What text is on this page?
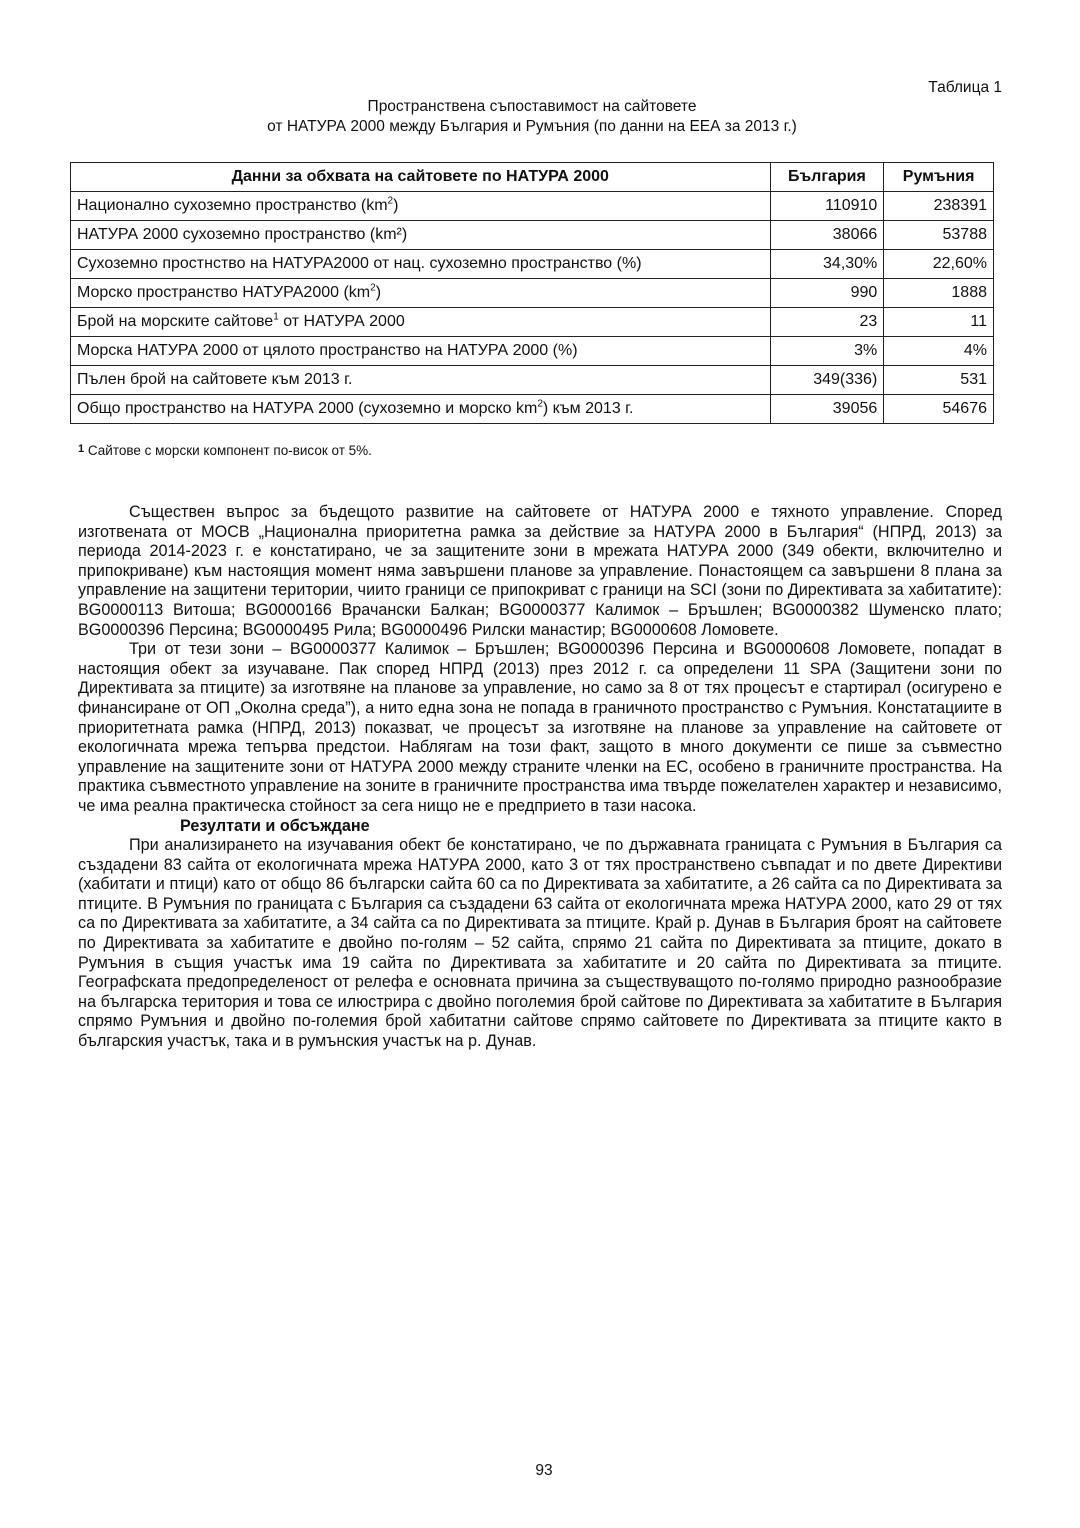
Таблица 1
Пространствена съпоставимост на сайтовете
от НАТУРА 2000 между България и Румъния (по данни на ЕЕА за 2013 г.)
Данни за обхвата на сайтовете по НАТУРА 2000	България	Румъния
Национално сухоземно пространство $(km^2)$	110910	238391
НАТУРА 2000 сухоземно пространство (km²)	38066	53788
Сухоземно простнство на НАТУРА2000 от нац. сухоземно пространство (%)	34,30%	22,60%
Морско пространство НАТУРА2000 $(km^2)$	990	1888
Брой на морските сайтове$^1$ от НАТУРА 2000	23	11
Морска НАТУРА 2000 от цялото пространство на НАТУРА 2000 (%)	3%	4%
Пълен брой на сайтовете към 2013 г.	349(336)	531
Общо пространство на НАТУРА 2000 (сухоземно и морско $km^2$) към 2013 г.	39056	54676
$^1$ Сайтове с морски компонент по-висок от 5%.

Съществен въпрос за бъдещото развитие на сайтовете от НАТУРА 2000 е тяхното управление. Според изготвената от МОСВ „Национална приоритетна рамка за действие за НАТУРА 2000 в България“ (НПРД, 2013) за периода 2014-2023 г. е констатирано, че за защитените зони в мрежата НАТУРА 2000 (349 обекти, включително и припокриване) към настоящия момент няма завършени планове за управление. Понастоящем са завършени 8 плана за управление на защитени територии, чиито граници се припокриват с граници на SCI (зони по Директивата за хабитатите): BG0000113 Витоша; BG0000166 Врачански Балкан; BG0000377 Калимок – Бръшлен; BG0000382 Шуменско плато; BG0000396 Персина; BG0000495 Рила; BG0000496 Рилски манастир; BG0000608 Ломовете.

Три от тези зони – BG0000377 Калимок – Бръшлен; BG0000396 Персина и BG0000608 Ломовете, попадат в настоящия обект за изучаване. Пак според НПРД (2013) през 2012 г. са определени 11 SPA (Защитени зони по Директивата за птиците) за изготвяне на планове за управление, но само за 8 от тях процесът е стартирал (осигурено е финансиране от ОП „Околна среда”), а нито една зона не попада в граничното пространство с Румъния. Констатациите в приоритетната рамка (НПРД, 2013) показват, че процесът за изготвяне на планове за управление на сайтовете от екологичната мрежа тепърва предстои. Наблягам на този факт, защото в много документи се пише за съвместно управление на защитените зони от НАТУРА 2000 между страните членки на ЕС, особено в граничните пространства. На практика съвместното управление на зоните в граничните пространства има твърде пожелателен характер и независимо, че има реална практическа стойност за сега нищо не е предприето в тази насока.

Резултати и обсъждане

При анализирането на изучавания обект бе констатирано, че по държавната границата с Румъния в България са създадени 83 сайта от екологичната мрежа НАТУРА 2000, като 3 от тях пространствено съвпадат и по двете Директиви (хабитати и птици) като от общо 86 български сайта 60 са по Директивата за хабитатите, а 26 сайта са по Директивата за птиците. В Румъния по границата с България са създадени 63 сайта от екологичната мрежа НАТУРА 2000, като 29 от тях са по Директивата за хабитатите, а 34 сайта са по Директивата за птиците. Край р. Дунав в България броят на сайтовете по Директивата за хабитатите е двойно по-голям – 52 сайта, спрямо 21 сайта по Директивата за птиците, докато в Румъния в същия участък има 19 сайта по Директивата за хабитатите и 20 сайта по Директивата за птиците. Географската предопределеност от релефа е основната причина за съществуващото по-голямо природно разнообразие на българска територия и това се илюстрира с двойно поголемия брой сайтове по Директивата за хабитатите в България спрямо Румъния и двойно по-големия брой хабитатни сайтове спрямо сайтовете по Директивата за птиците както в българския участък, така и в румънския участък на р. Дунав.

93
